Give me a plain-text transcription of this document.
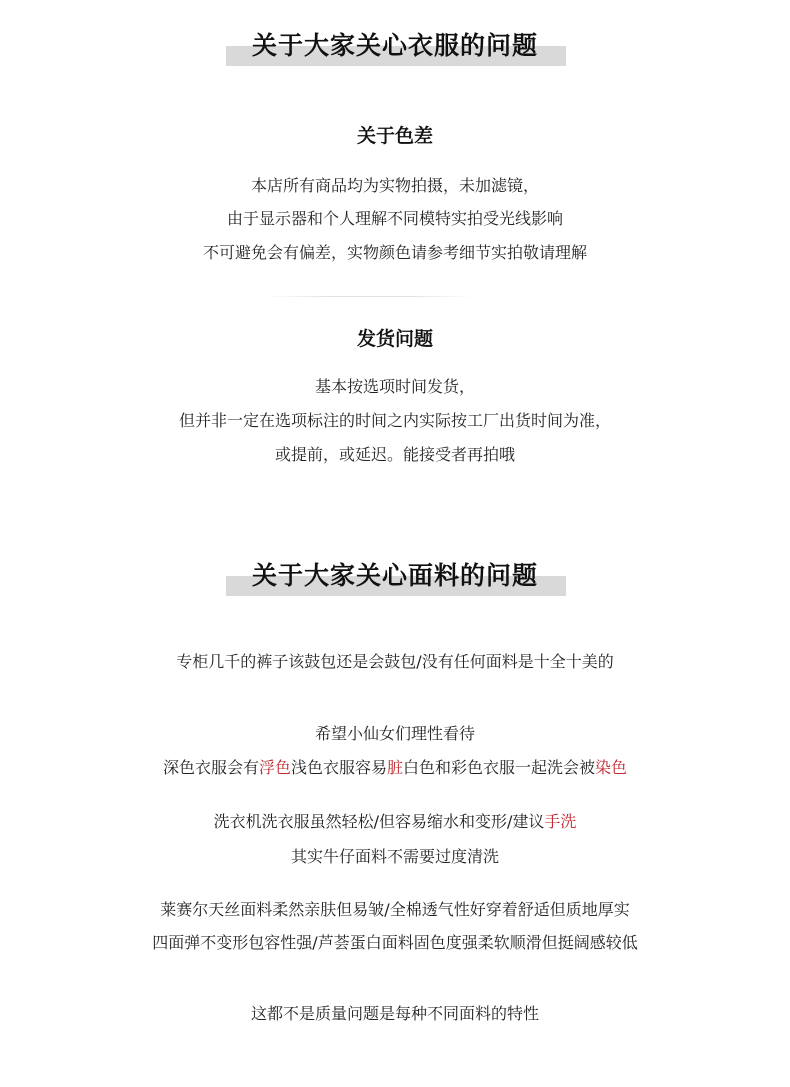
关于大家关心衣服的问题
关于色差
本店所有商品均为实物拍摄，未加滤镜，
由于显示器和个人理解不同模特实拍受光线影响
不可避免会有偏差，实物颜色请参考细节实拍敬请理解
发货问题
基本按选项时间发货，
但并非一定在选项标注的时间之内实际按工厂出货时间为准，
或提前，或延迟。能接受者再拍哦
关于大家关心面料的问题
专柜几千的裤子该鼓包还是会鼓包/没有任何面料是十全十美的
希望小仙女们理性看待
深色衣服会有浮色浅色衣服容易脏白色和彩色衣服一起洗会被染色
洗衣机洗衣服虽然轻松/但容易缩水和变形/建议手洗
其实牛仔面料不需要过度清洗
莱赛尔天丝面料柔然亲肤但易皱/全棉透气性好穿着舒适但质地厚实
四面弹不变形包容性强/芦荟蛋白面料固色度强柔软顺滑但挺阔感较低
这都不是质量问题是每种不同面料的特性
